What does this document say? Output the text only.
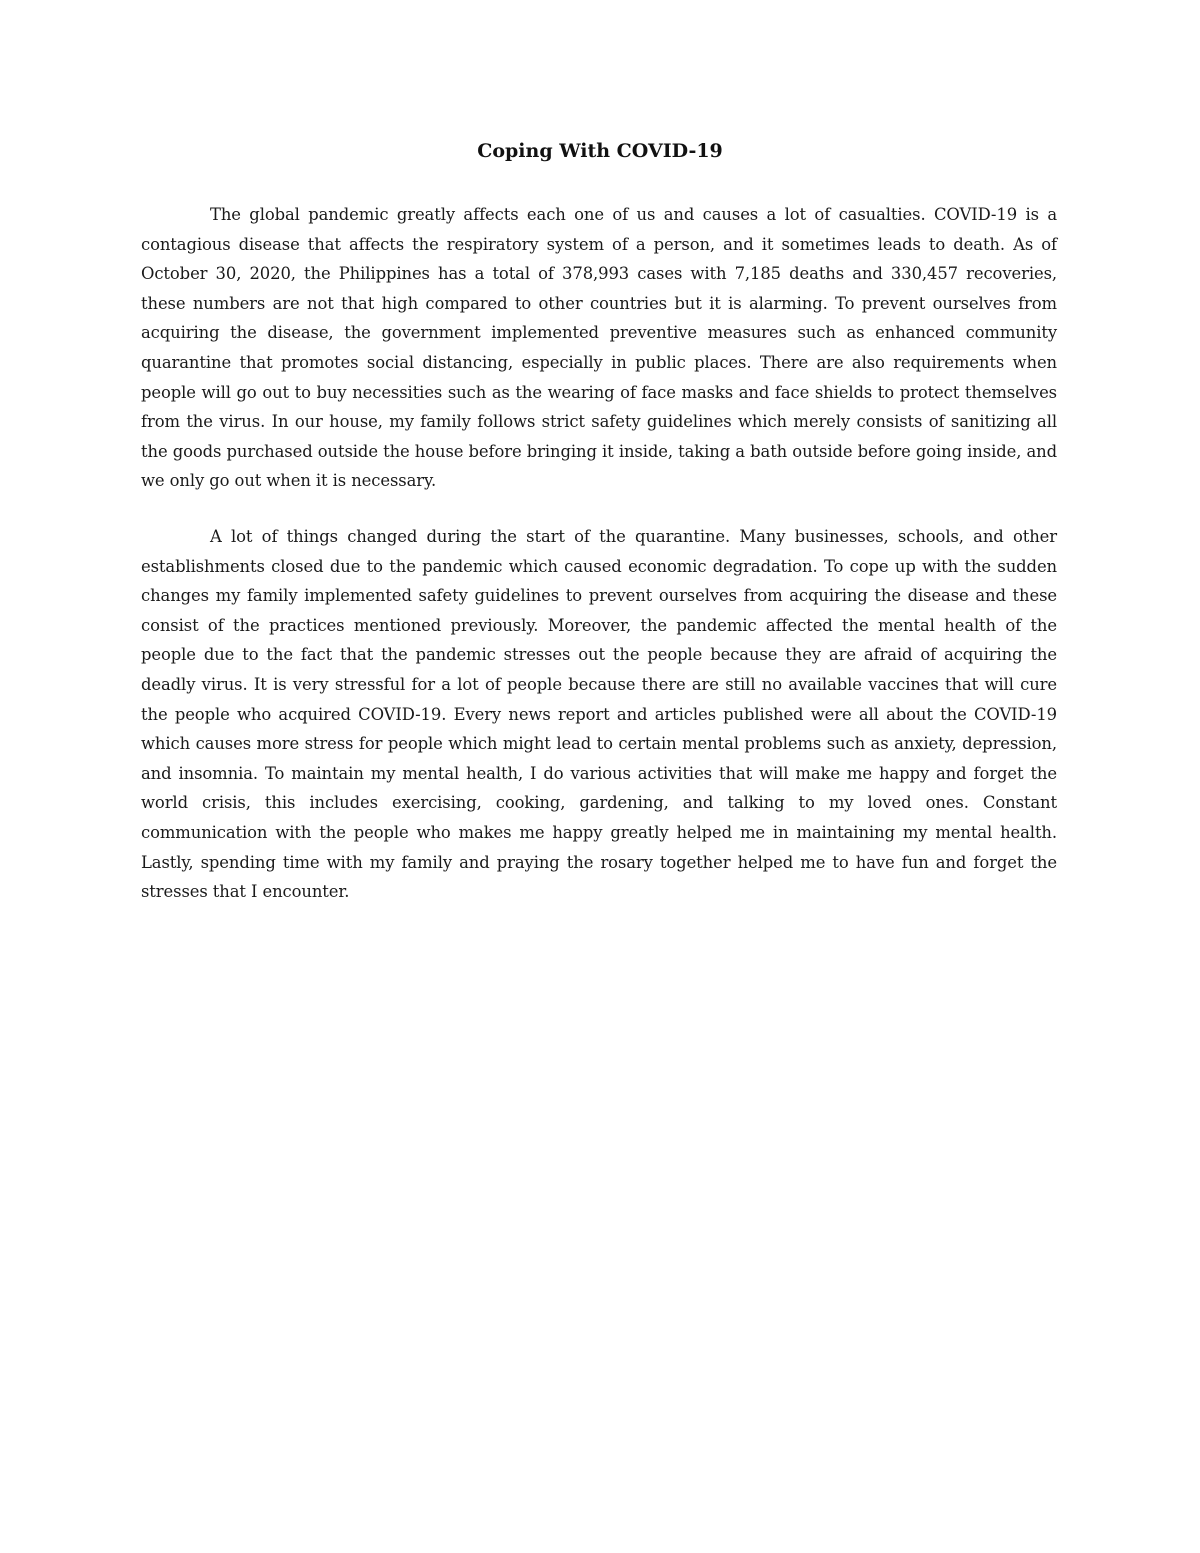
Coping With COVID-19

The global pandemic greatly affects each one of us and causes a lot of casualties. COVID-19 is a contagious disease that affects the respiratory system of a person, and it sometimes leads to death. As of October 30, 2020, the Philippines has a total of 378,993 cases with 7,185 deaths and 330,457 recoveries, these numbers are not that high compared to other countries but it is alarming. To prevent ourselves from acquiring the disease, the government implemented preventive measures such as enhanced community quarantine that promotes social distancing, especially in public places. There are also requirements when people will go out to buy necessities such as the wearing of face masks and face shields to protect themselves from the virus. In our house, my family follows strict safety guidelines which merely consists of sanitizing all the goods purchased outside the house before bringing it inside, taking a bath outside before going inside, and we only go out when it is necessary.

A lot of things changed during the start of the quarantine. Many businesses, schools, and other establishments closed due to the pandemic which caused economic degradation. To cope up with the sudden changes my family implemented safety guidelines to prevent ourselves from acquiring the disease and these consist of the practices mentioned previously. Moreover, the pandemic affected the mental health of the people due to the fact that the pandemic stresses out the people because they are afraid of acquiring the deadly virus. It is very stressful for a lot of people because there are still no available vaccines that will cure the people who acquired COVID-19. Every news report and articles published were all about the COVID-19 which causes more stress for people which might lead to certain mental problems such as anxiety, depression, and insomnia. To maintain my mental health, I do various activities that will make me happy and forget the world crisis, this includes exercising, cooking, gardening, and talking to my loved ones. Constant communication with the people who makes me happy greatly helped me in maintaining my mental health. Lastly, spending time with my family and praying the rosary together helped me to have fun and forget the stresses that I encounter.
